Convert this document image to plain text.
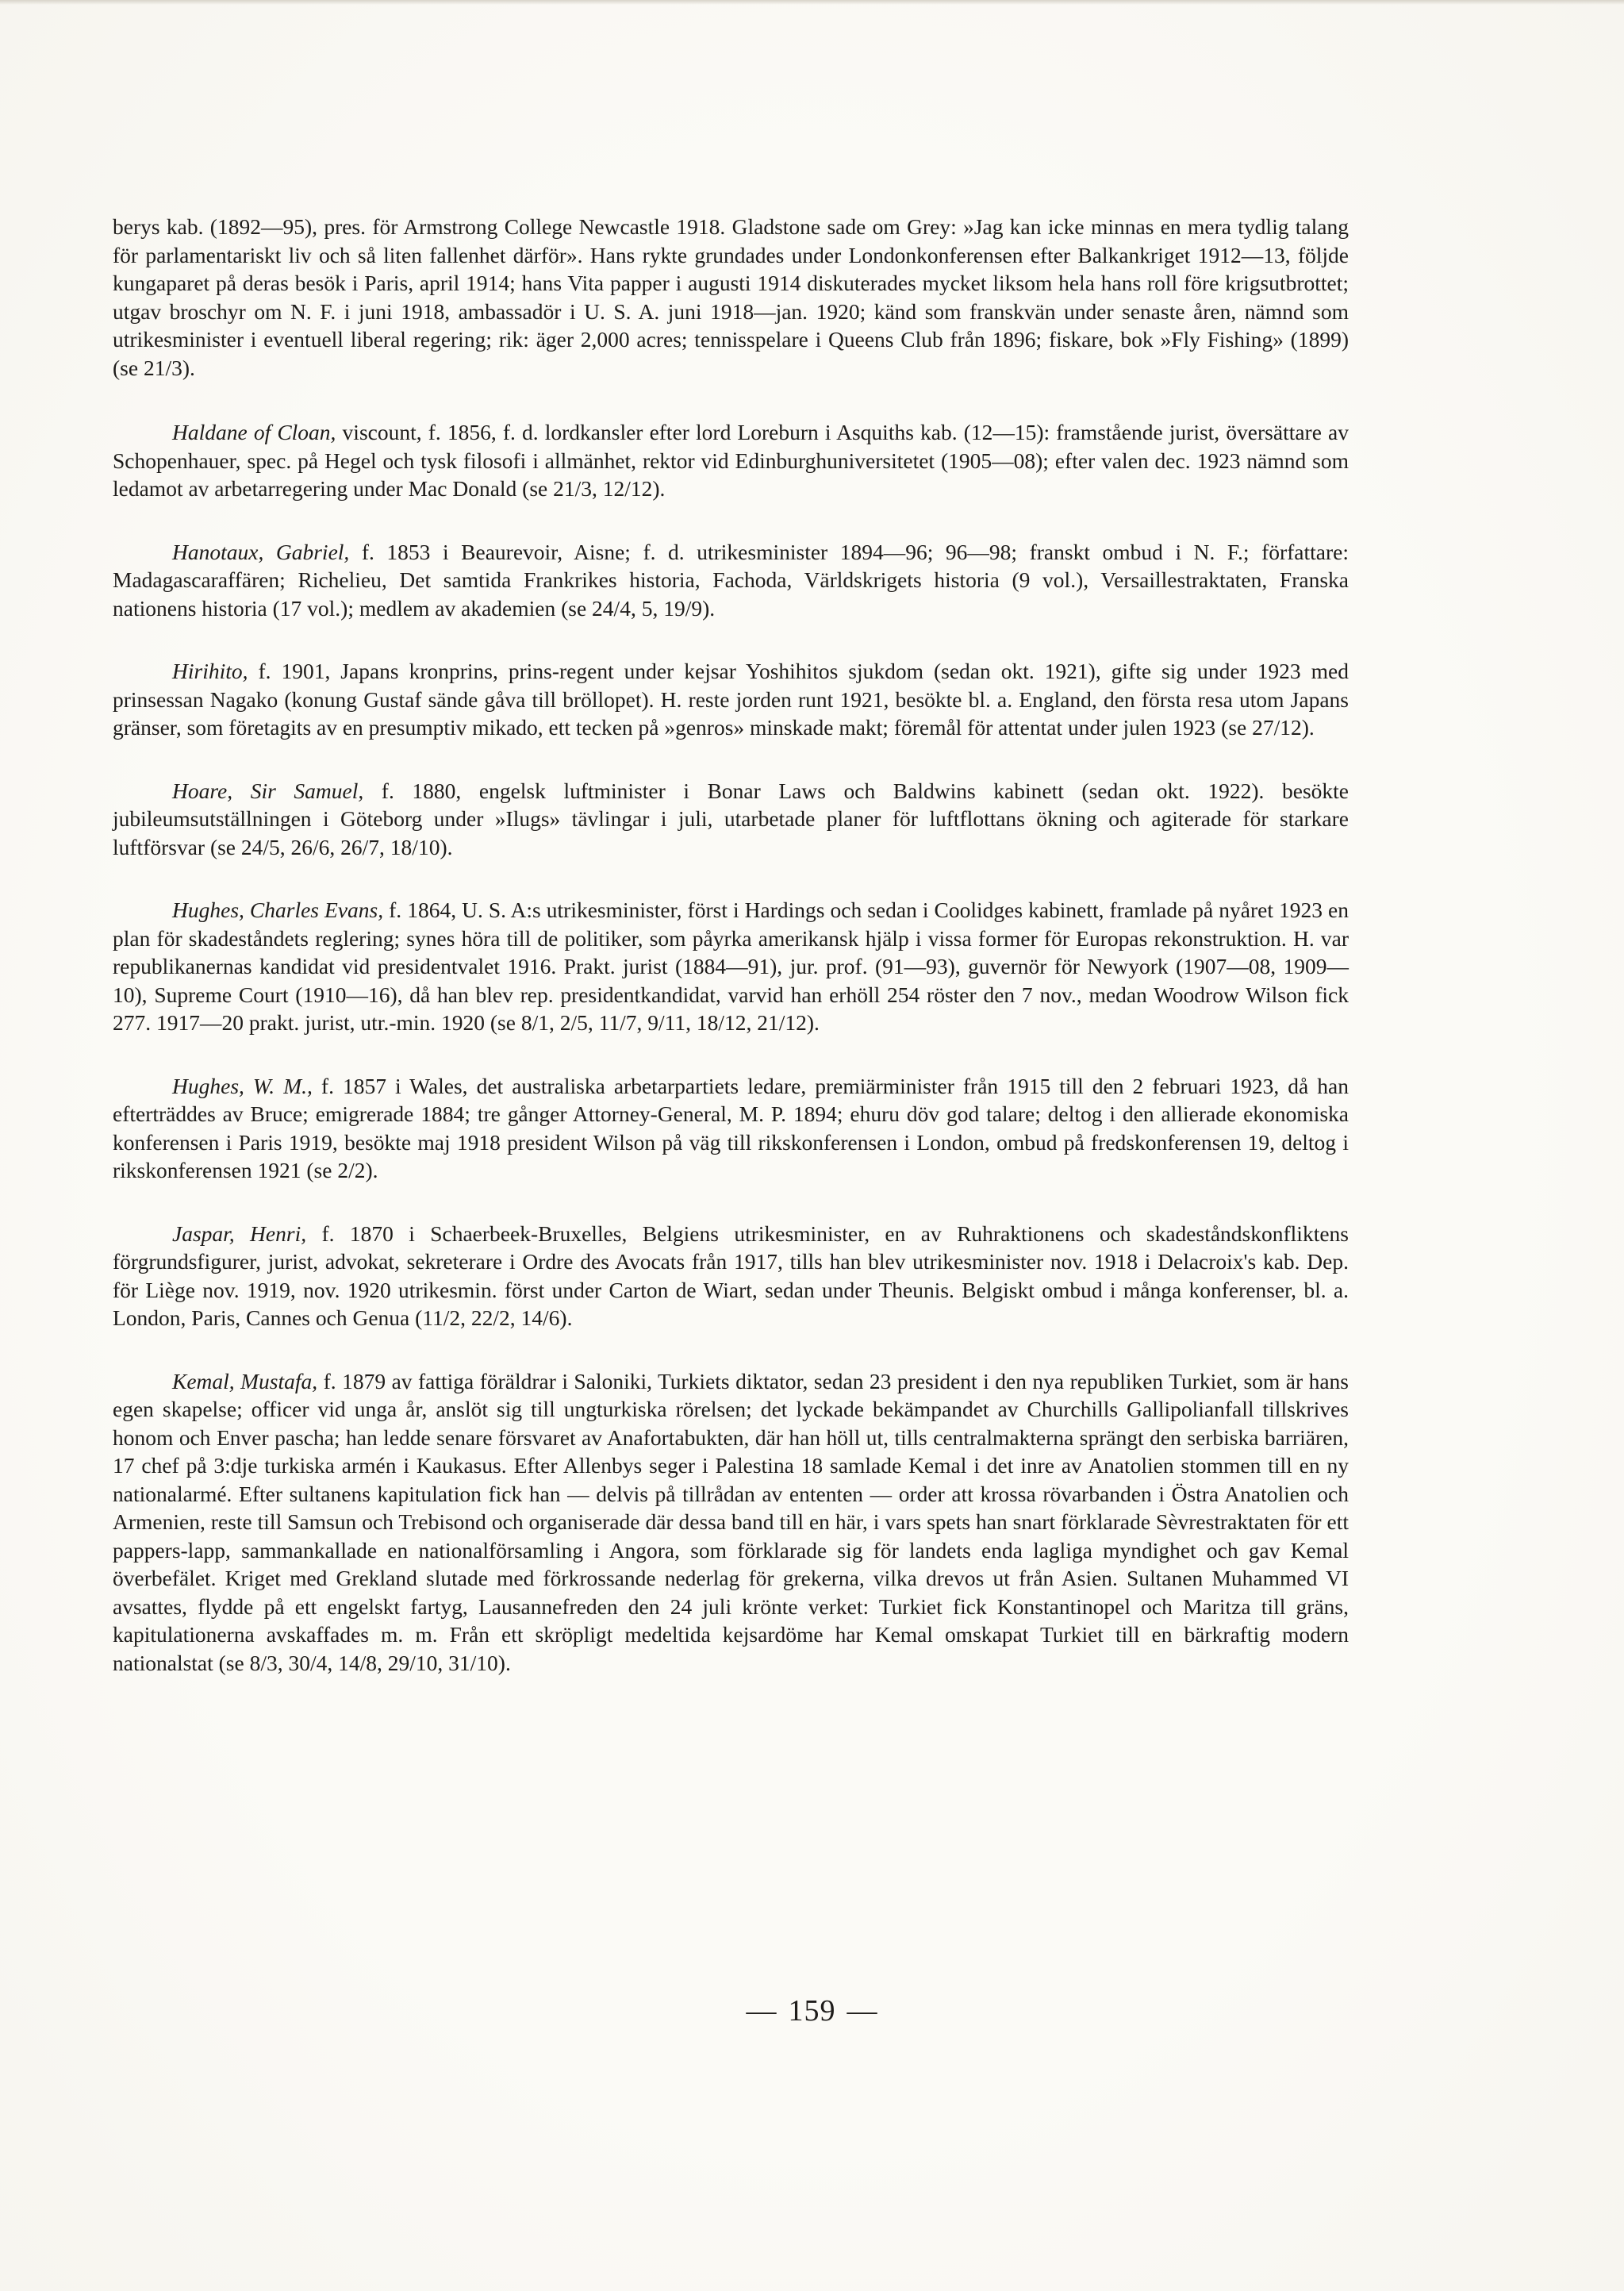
berys kab. (1892—95), pres. för Armstrong College Newcastle 1918. Gladstone sade om Grey: »Jag kan icke minnas en mera tydlig talang för parlamentariskt liv och så liten fallenhet därför». Hans rykte grundades under Londonkonferensen efter Balkankriget 1912—13, följde kungaparet på deras besök i Paris, april 1914; hans Vita papper i augusti 1914 diskuterades mycket liksom hela hans roll före krigsutbrottet; utgav broschyr om N. F. i juni 1918, ambassadör i U. S. A. juni 1918—jan. 1920; känd som franskvän under senaste åren, nämnd som utrikesminister i eventuell liberal regering; rik: äger 2,000 acres; tennisspelare i Queens Club från 1896; fiskare, bok »Fly Fishing» (1899) (se 21/3).

Haldane of Cloan, viscount, f. 1856, f. d. lordkansler efter lord Loreburn i Asquiths kab. (12—15): framstående jurist, översättare av Schopenhauer, spec. på Hegel och tysk filosofi i allmänhet, rektor vid Edinburghuniversitetet (1905—08); efter valen dec. 1923 nämnd som ledamot av arbetarregering under Mac Donald (se 21/3, 12/12).

Hanotaux, Gabriel, f. 1853 i Beaurevoir, Aisne; f. d. utrikesminister 1894—96; 96—98; franskt ombud i N. F.; författare: Madagascaraffären; Richelieu, Det samtida Frankrikes historia, Fachoda, Världskrigets historia (9 vol.), Versaillestraktaten, Franska nationens historia (17 vol.); medlem av akademien (se 24/4, 5, 19/9).

Hirihito, f. 1901, Japans kronprins, prins-regent under kejsar Yoshihitos sjukdom (sedan okt. 1921), gifte sig under 1923 med prinsessan Nagako (konung Gustaf sände gåva till bröllopet). H. reste jorden runt 1921, besökte bl. a. England, den första resa utom Japans gränser, som företagits av en presumptiv mikado, ett tecken på »genros» minskade makt; föremål för attentat under julen 1923 (se 27/12).

Hoare, Sir Samuel, f. 1880, engelsk luftminister i Bonar Laws och Baldwins kabinett (sedan okt. 1922). besökte jubileumsutställningen i Göteborg under »Ilugs» tävlingar i juli, utarbetade planer för luftflottans ökning och agiterade för starkare luftförsvar (se 24/5, 26/6, 26/7, 18/10).

Hughes, Charles Evans, f. 1864, U. S. A:s utrikesminister, först i Hardings och sedan i Coolidges kabinett, framlade på nyåret 1923 en plan för skadeståndets reglering; synes höra till de politiker, som påyrka amerikansk hjälp i vissa former för Europas rekonstruktion. H. var republikanernas kandidat vid presidentvalet 1916. Prakt. jurist (1884—91), jur. prof. (91—93), guvernör för Newyork (1907—08, 1909—10), Supreme Court (1910—16), då han blev rep. presidentkandidat, varvid han erhöll 254 röster den 7 nov., medan Woodrow Wilson fick 277. 1917—20 prakt. jurist, utr.-min. 1920 (se 8/1, 2/5, 11/7, 9/11, 18/12, 21/12).

Hughes, W. M., f. 1857 i Wales, det australiska arbetarpartiets ledare, premiärminister från 1915 till den 2 februari 1923, då han efterträddes av Bruce; emigrerade 1884; tre gånger Attorney-General, M. P. 1894; ehuru döv god talare; deltog i den allierade ekonomiska konferensen i Paris 1919, besökte maj 1918 president Wilson på väg till rikskonferensen i London, ombud på fredskonferensen 19, deltog i rikskonferensen 1921 (se 2/2).

Jaspar, Henri, f. 1870 i Schaerbeek-Bruxelles, Belgiens utrikesminister, en av Ruhraktionens och skadeståndskonfliktens förgrundsfigurer, jurist, advokat, sekreterare i Ordre des Avocats från 1917, tills han blev utrikesminister nov. 1918 i Delacroix's kab. Dep. för Liège nov. 1919, nov. 1920 utrikesmin. först under Carton de Wiart, sedan under Theunis. Belgiskt ombud i många konferenser, bl. a. London, Paris, Cannes och Genua (11/2, 22/2, 14/6).

Kemal, Mustafa, f. 1879 av fattiga föräldrar i Saloniki, Turkiets diktator, sedan 23 president i den nya republiken Turkiet, som är hans egen skapelse; officer vid unga år, anslöt sig till ungturkiska rörelsen; det lyckade bekämpandet av Churchills Gallipolianfall tillskrives honom och Enver pascha; han ledde senare försvaret av Anafortabukten, där han höll ut, tills centralmakterna sprängt den serbiska barriären, 17 chef på 3:dje turkiska armén i Kaukasus. Efter Allenbys seger i Palestina 18 samlade Kemal i det inre av Anatolien stommen till en ny nationalarmé. Efter sultanens kapitulation fick han — delvis på tillrådan av ententen — order att krossa rövarbanden i Östra Anatolien och Armenien, reste till Samsun och Trebisond och organiserade där dessa band till en här, i vars spets han snart förklarade Sèvrestraktaten för ett pappers-lapp, sammankallade en nationalförsamling i Angora, som förklarade sig för landets enda lagliga myndighet och gav Kemal överbefälet. Kriget med Grekland slutade med förkrossande nederlag för grekerna, vilka drevos ut från Asien. Sultanen Muhammed VI avsattes, flydde på ett engelskt fartyg, Lausannefreden den 24 juli krönte verket: Turkiet fick Konstantinopel och Maritza till gräns, kapitulationerna avskaffades m. m. Från ett skröpligt medeltida kejsardöme har Kemal omskapat Turkiet till en bärkraftig modern nationalstat (se 8/3, 30/4, 14/8, 29/10, 31/10).

— 159 —
